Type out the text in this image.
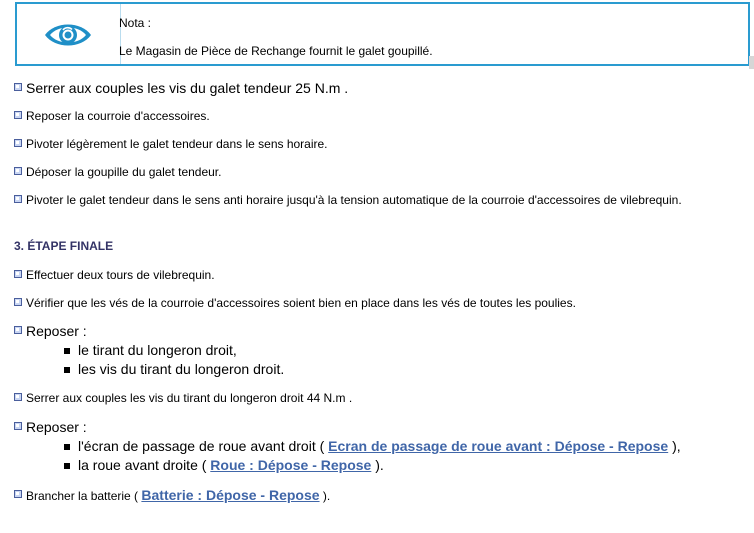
Nota :
Le Magasin de Pièce de Rechange fournit le galet goupillé.
Serrer aux couples les vis du galet tendeur 25 N.m .
Reposer la courroie d'accessoires.
Pivoter légèrement le galet tendeur dans le sens horaire.
Déposer la goupille du galet tendeur.
Pivoter le galet tendeur dans le sens anti horaire jusqu'à la tension automatique de la courroie d'accessoires de vilebrequin.
3. ÉTAPE FINALE
Effectuer deux tours de vilebrequin.
Vérifier que les vés de la courroie d'accessoires soient bien en place dans les vés de toutes les poulies.
Reposer :
le tirant du longeron droit,
les vis du tirant du longeron droit.
Serrer aux couples les vis du tirant du longeron droit 44 N.m .
Reposer :
l'écran de passage de roue avant droit ( Ecran de passage de roue avant : Dépose - Repose ),
la roue avant droite ( Roue : Dépose - Repose ).
Brancher la batterie ( Batterie : Dépose - Repose ).
